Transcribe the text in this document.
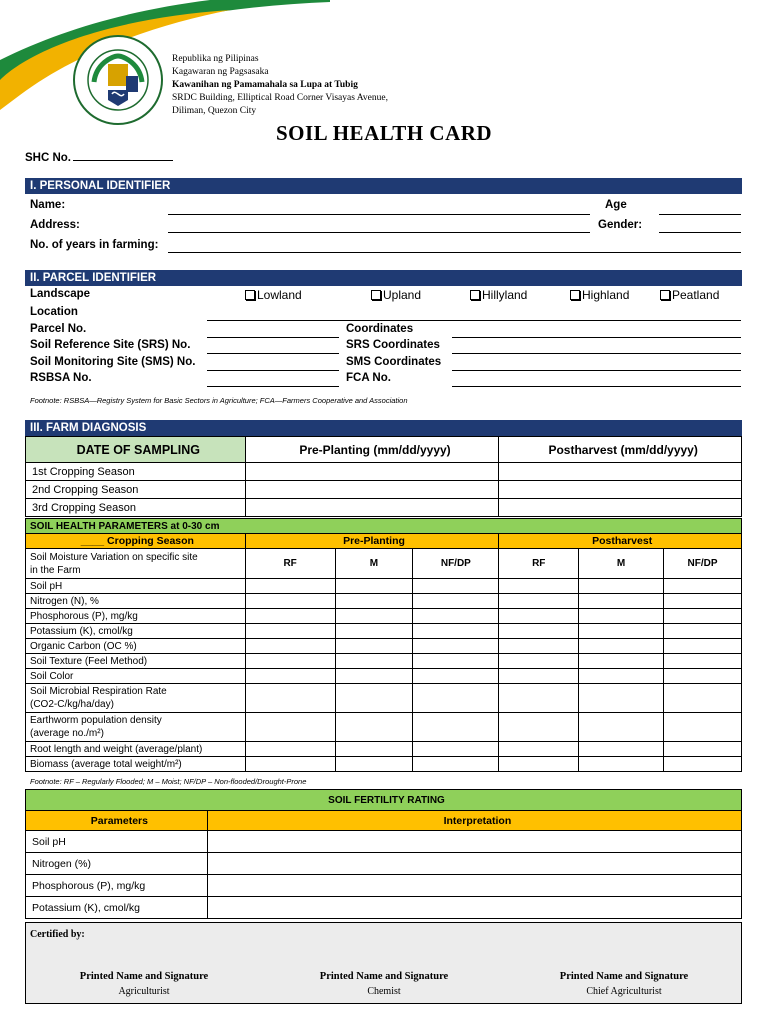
Republika ng Pilipinas
Kagawaran ng Pagsasaka
Kawanihan ng Pamamahala sa Lupa at Tubig
SRDC Building, Elliptical Road Corner Visayas Avenue,
Diliman, Quezon City
SOIL HEALTH CARD
SHC No.
I. PERSONAL IDENTIFIER
Name:	Age
Address:	Gender:
No. of years in farming:
II. PARCEL IDENTIFIER
Landscape	Lowland	Upland	Hillyland	Highland	Peatland
Location
Parcel No.	Coordinates
Soil Reference Site (SRS) No.	SRS Coordinates
Soil Monitoring Site (SMS) No.	SMS Coordinates
RSBSA No.	FCA No.
Footnote: RSBSA—Registry System for Basic Sectors in Agriculture; FCA—Farmers Cooperative and Association
III. FARM DIAGNOSIS
DATE OF SAMPLING	Pre-Planting (mm/dd/yyyy)	Postharvest (mm/dd/yyyy)
1st Cropping Season		
2nd Cropping Season		
3rd Cropping Season		
SOIL HEALTH PARAMETERS at 0-30 cm						
____ Cropping Season	Pre-Planting			Postharvest		

Soil Moisture Variation on specific site
in the Farm	RF	M	NF/DP	RF	M	NF/DP

Soil pH						

Nitrogen (N), %						

Phosphorous (P), mg/kg						

Potassium (K), cmol/kg						

Organic Carbon (OC %)						

Soil Texture (Feel Method)						

Soil Color						

Soil Microbial Respiration Rate
(CO2-C/kg/ha/day)						

Earthworm population density
(average no./m²)						

Root length and weight (average/plant)						

Biomass (average total weight/m²)						

Footnote: RF – Regularly Flooded; M – Moist; NF/DP – Non-flooded/Drought-Prone
SOIL FERTILITY RATING	
Parameters	Interpretation
Soil pH	
Nitrogen (%)	
Phosphorous (P), mg/kg	
Potassium (K), cmol/kg	
Certified by:
Printed Name and Signature
Agriculturist
Printed Name and Signature
Chemist
Printed Name and Signature
Chief Agriculturist
